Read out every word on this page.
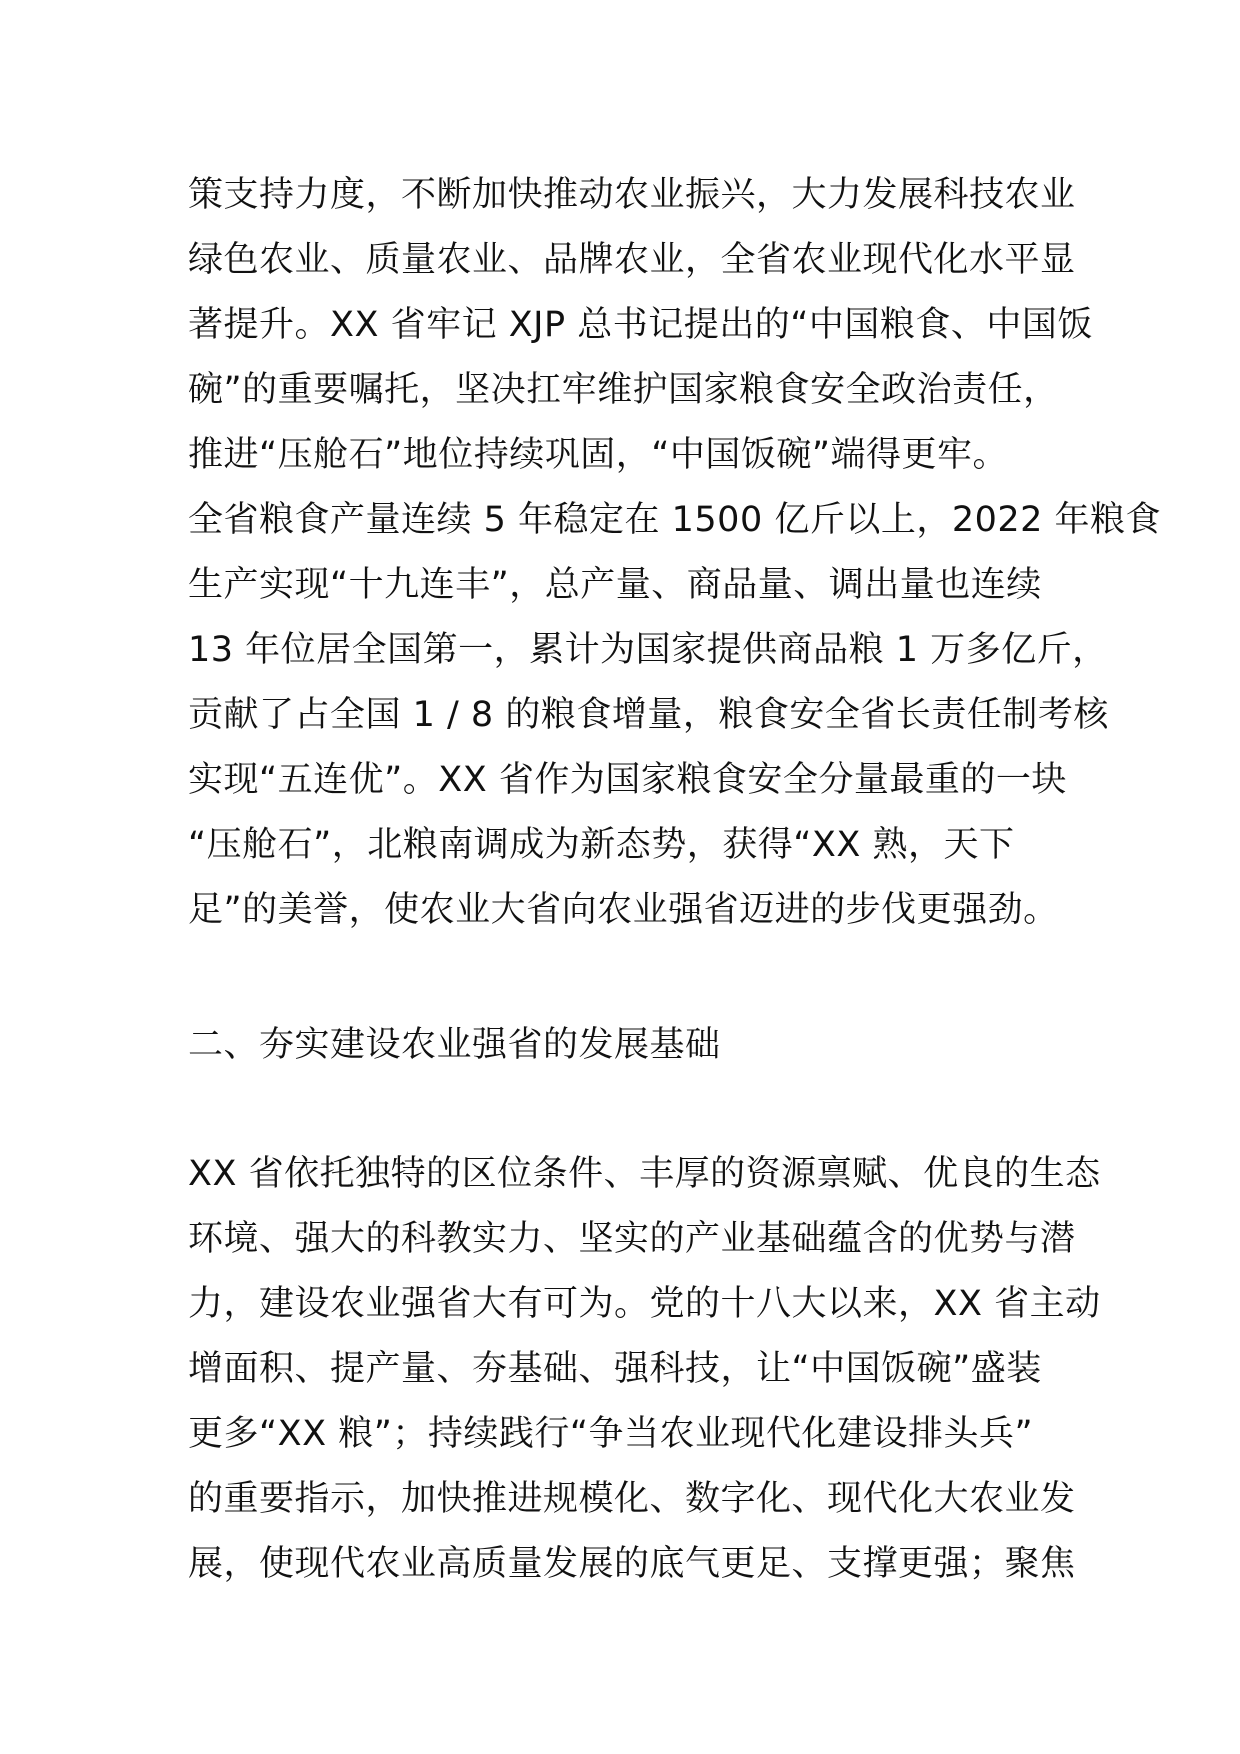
策支持力度，不断加快推动农业振兴，大力发展科技农业
绿色农业、质量农业、品牌农业，全省农业现代化水平显
著提升。XX 省牢记 XJP 总书记提出的“中国粮食、中国饭
碗”的重要嘱托，坚决扛牢维护国家粮食安全政治责任，
推进“压舱石”地位持续巩固，“中国饭碗”端得更牢。
全省粮食产量连续 5 年稳定在 1500 亿斤以上，2022 年粮食
生产实现“十九连丰”，总产量、商品量、调出量也连续
13 年位居全国第一，累计为国家提供商品粮 1 万多亿斤，
贡献了占全国 1 / 8 的粮食增量，粮食安全省长责任制考核
实现“五连优”。XX 省作为国家粮食安全分量最重的一块
“压舱石”，北粮南调成为新态势，获得“XX 熟，天下
足”的美誉，使农业大省向农业强省迈进的步伐更强劲。
二、夯实建设农业强省的发展基础
XX 省依托独特的区位条件、丰厚的资源禀赋、优良的生态
环境、强大的科教实力、坚实的产业基础蕴含的优势与潜
力，建设农业强省大有可为。党的十八大以来，XX 省主动
增面积、提产量、夯基础、强科技，让“中国饭碗”盛装
更多“XX 粮”；持续践行“争当农业现代化建设排头兵”
的重要指示，加快推进规模化、数字化、现代化大农业发
展，使现代农业高质量发展的底气更足、支撑更强；聚焦
